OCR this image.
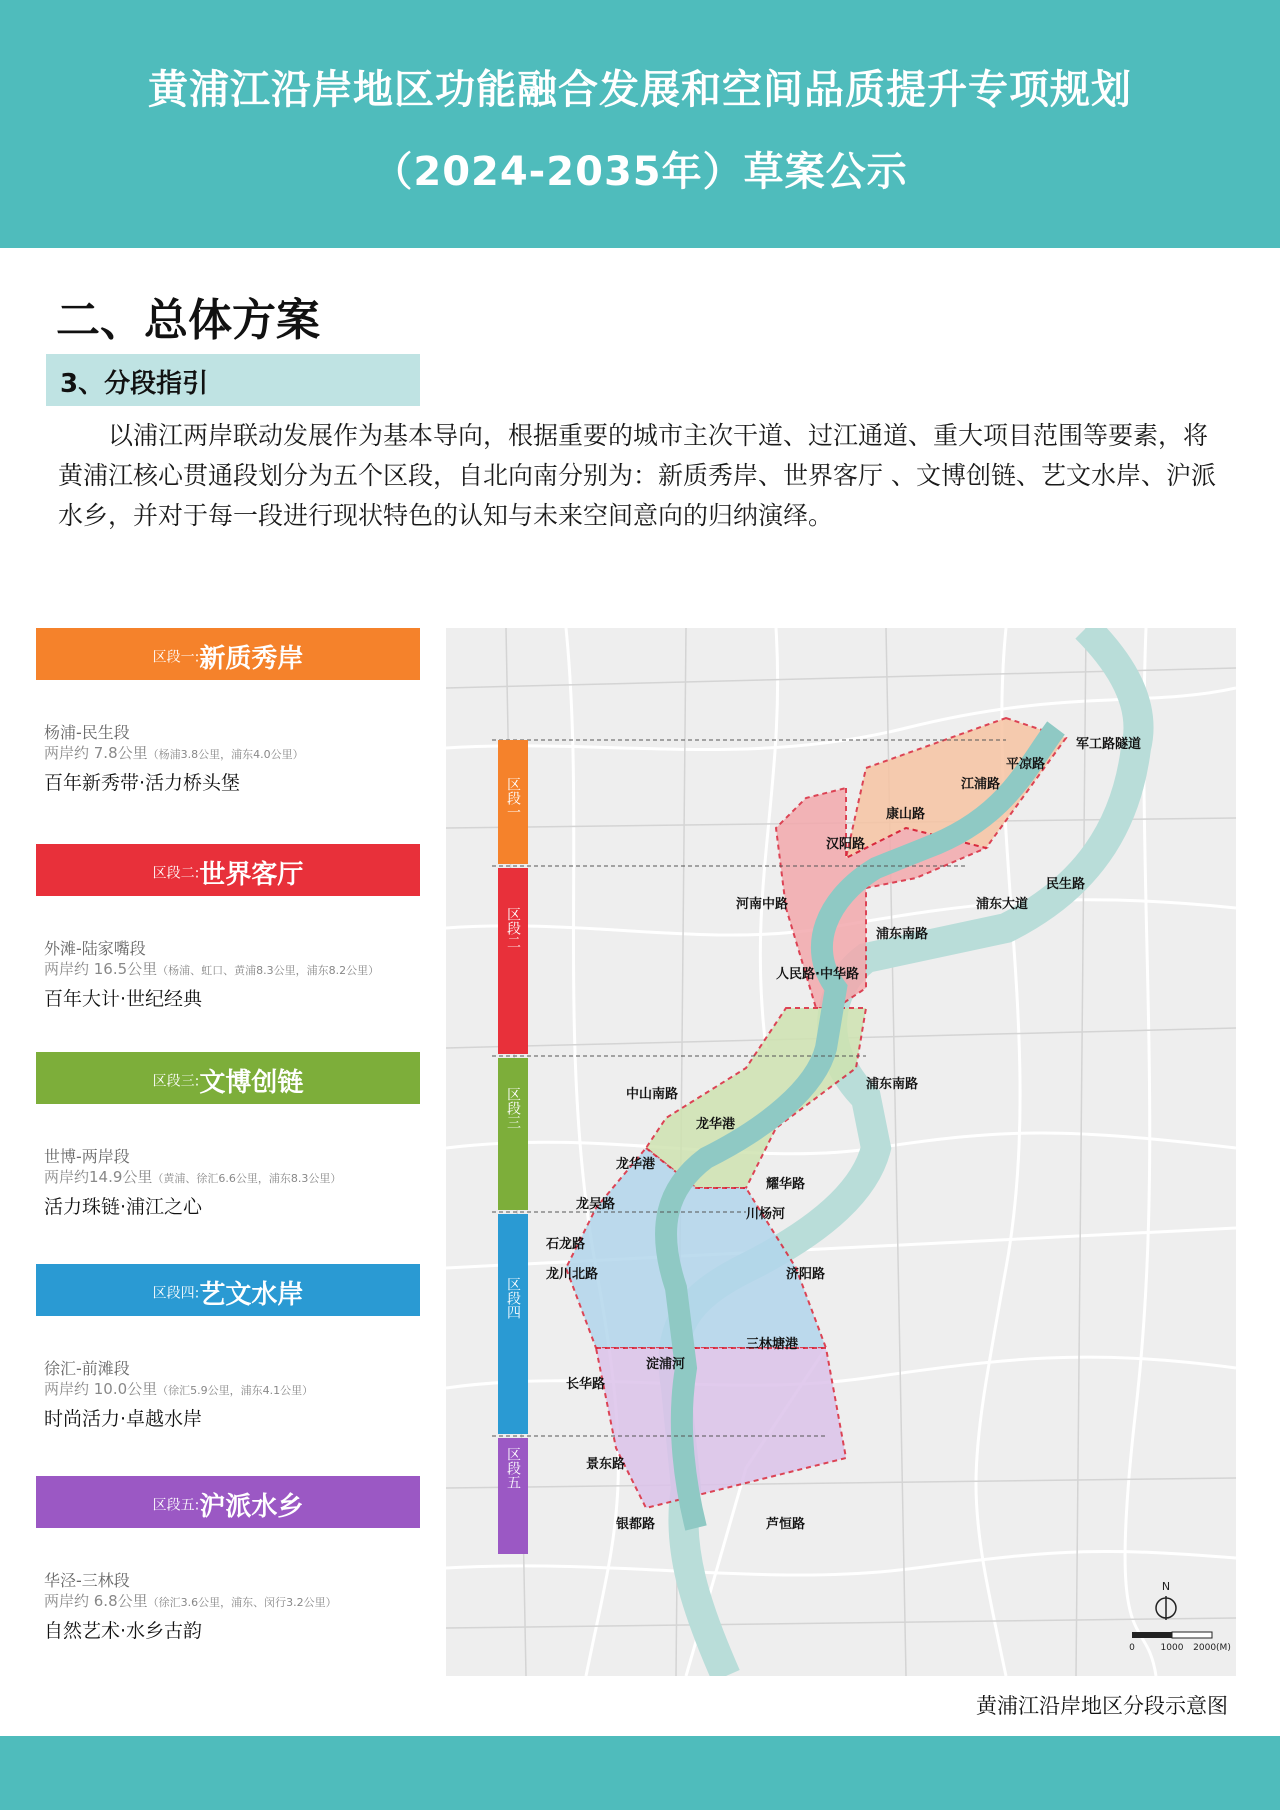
黄浦江沿岸地区功能融合发展和空间品质提升专项规划
（2024-2035年）草案公示
二、总体方案
3、分段指引
以浦江两岸联动发展作为基本导向，根据重要的城市主次干道、过江通道、重大项目范围等要素，将黄浦江核心贯通段划分为五个区段，自北向南分别为：新质秀岸、世界客厅 、文博创链、艺文水岸、沪派水乡，并对于每一段进行现状特色的认知与未来空间意向的归纳演绎。
区段一:新质秀岸
杨浦-民生段
两岸约 7.8公里（杨浦3.8公里，浦东4.0公里）
百年新秀带·活力桥头堡
区段二:世界客厅
外滩-陆家嘴段
两岸约 16.5公里（杨浦、虹口、黄浦8.3公里，浦东8.2公里）
百年大计·世纪经典
区段三:文博创链
世博-两岸段
两岸约14.9公里（黄浦、徐汇6.6公里，浦东8.3公里）
活力珠链·浦江之心
区段四:艺文水岸
徐汇-前滩段
两岸约 10.0公里（徐汇5.9公里，浦东4.1公里）
时尚活力·卓越水岸
区段五:沪派水乡
华泾-三林段
两岸约 6.8公里（徐汇3.6公里，浦东、闵行3.2公里）
自然艺术·水乡古韵
区段一
区段二
区段三
区段四
区段五
军工路隧道
平凉路
江浦路
康山路
汉阳路
浦东大道
民生路
河南中路
人民路·中华路
浦东南路
浦东南路
中山南路
龙华港
龙华港
耀华路
川杨河
龙吴路
石龙路
龙川北路	济阳路
三林塘港
淀浦河
长华路
景东路
银都路	芦恒路
N
0	1000 2000(M)
黄浦江沿岸地区分段示意图
